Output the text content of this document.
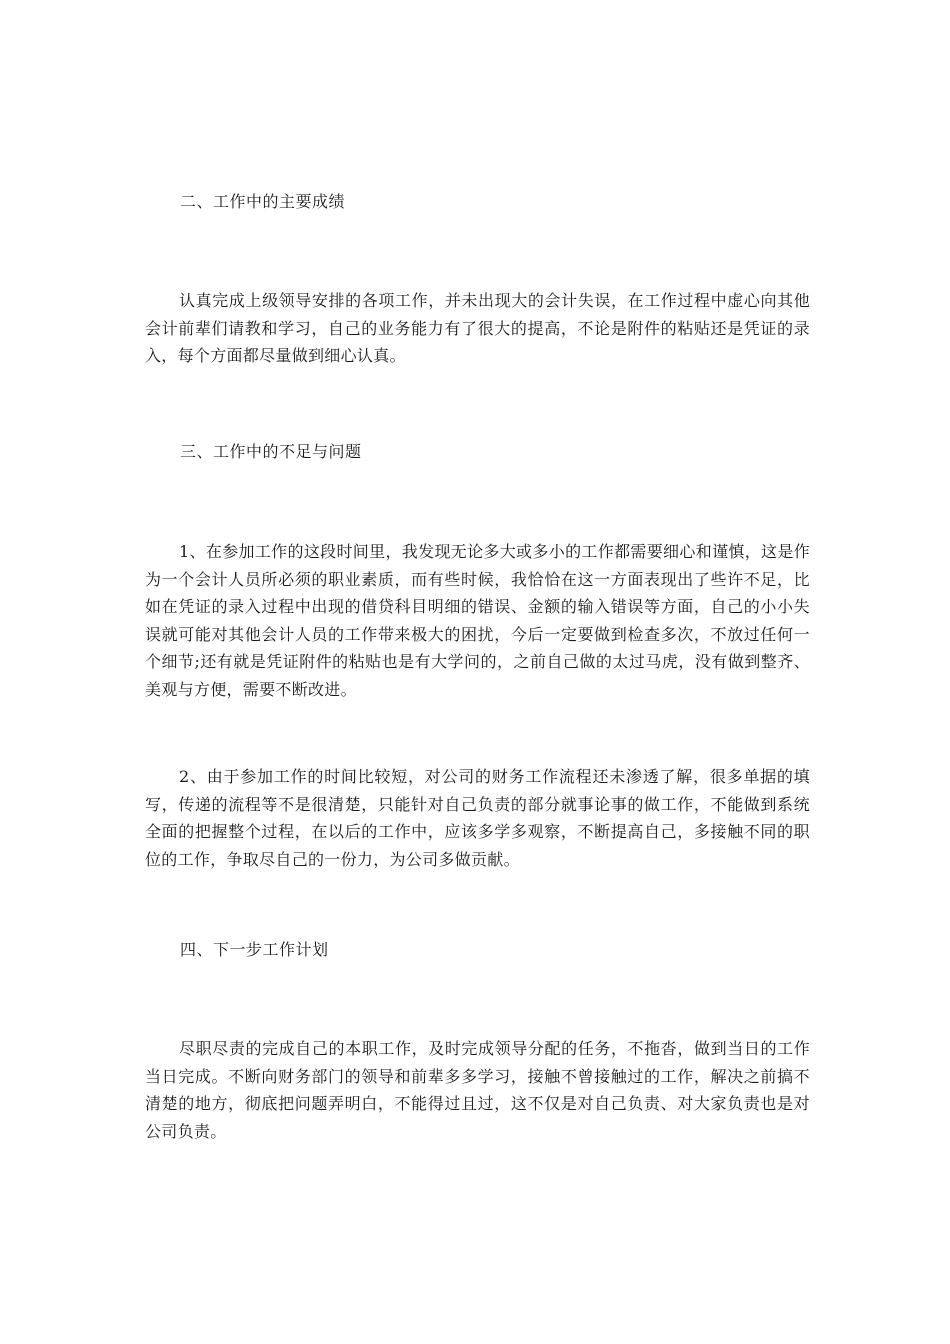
二、工作中的主要成绩
认真完成上级领导安排的各项工作，并未出现大的会计失误，在工作过程中虚心向其他会计前辈们请教和学习，自己的业务能力有了很大的提高，不论是附件的粘贴还是凭证的录入，每个方面都尽量做到细心认真。
三、工作中的不足与问题
1、在参加工作的这段时间里，我发现无论多大或多小的工作都需要细心和谨慎，这是作为一个会计人员所必须的职业素质，而有些时候，我恰恰在这一方面表现出了些许不足，比如在凭证的录入过程中出现的借贷科目明细的错误、金额的输入错误等方面，自己的小小失误就可能对其他会计人员的工作带来极大的困扰，今后一定要做到检查多次，不放过任何一个细节;还有就是凭证附件的粘贴也是有大学问的，之前自己做的太过马虎，没有做到整齐、美观与方便，需要不断改进。
2、由于参加工作的时间比较短，对公司的财务工作流程还未渗透了解，很多单据的填写，传递的流程等不是很清楚，只能针对自己负责的部分就事论事的做工作，不能做到系统全面的把握整个过程，在以后的工作中，应该多学多观察，不断提高自己，多接触不同的职位的工作，争取尽自己的一份力，为公司多做贡献。
四、下一步工作计划
尽职尽责的完成自己的本职工作，及时完成领导分配的任务，不拖沓，做到当日的工作当日完成。不断向财务部门的领导和前辈多多学习，接触不曾接触过的工作，解决之前搞不清楚的地方，彻底把问题弄明白，不能得过且过，这不仅是对自己负责、对大家负责也是对公司负责。
